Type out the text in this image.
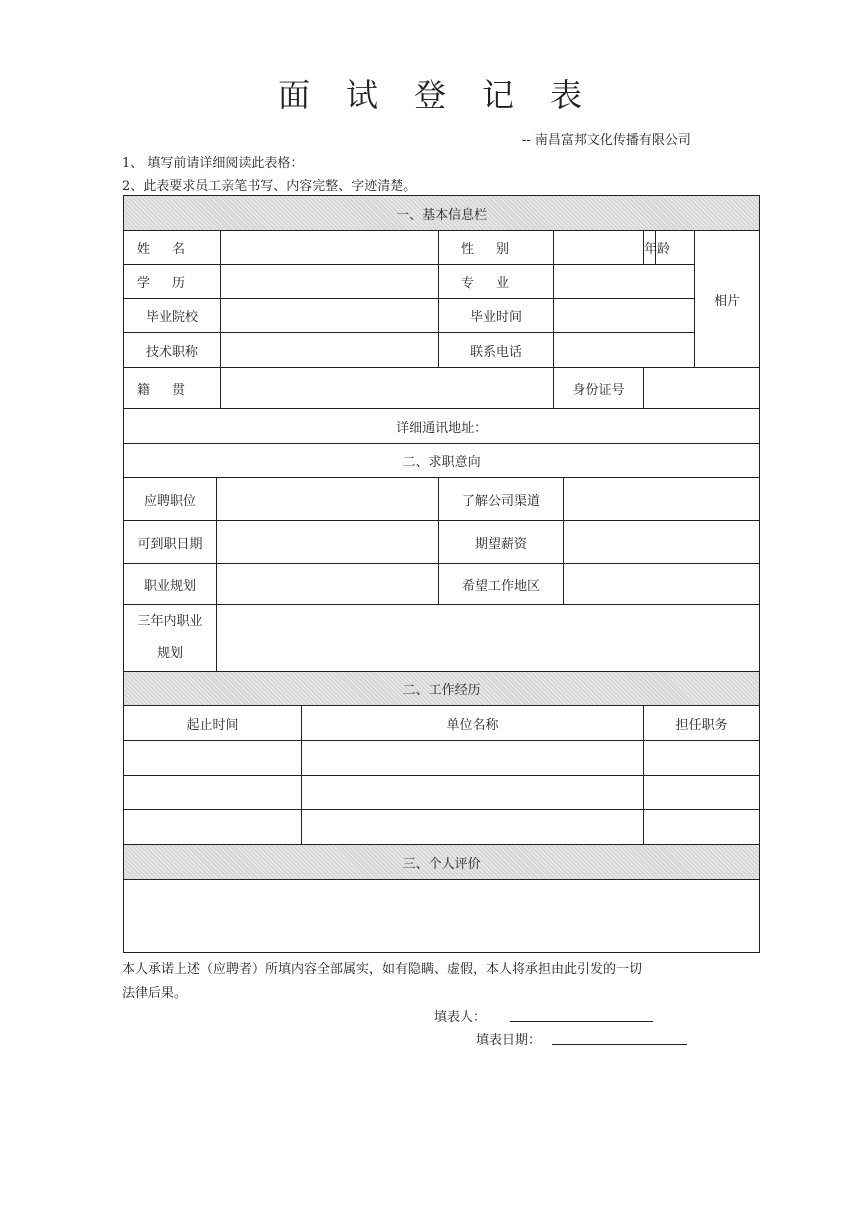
面试登记表
-- 南昌富邦文化传播有限公司
1、 填写前请详细阅读此表格：
2、此表要求员工亲笔书写、内容完整、字迹清楚。
一、基本信息栏									
姓名				性别			年龄		相片
学历				专业					
毕业院校				毕业时间					
技术职称				联系电话					
籍贯					身份证号				
详细通讯地址：									
二、求职意向									
应聘职位				了解公司渠道					
可到职日期				期望薪资					
职业规划				希望工作地区					
三年内职业
规划									
二、工作经历									
起止时间			单位名称				担任职务		

三、个人评价									

本人承诺上述（应聘者）所填内容全部属实，如有隐瞒、虚假，本人将承担由此引发的一切
法律后果。
填表人：
填表日期：
